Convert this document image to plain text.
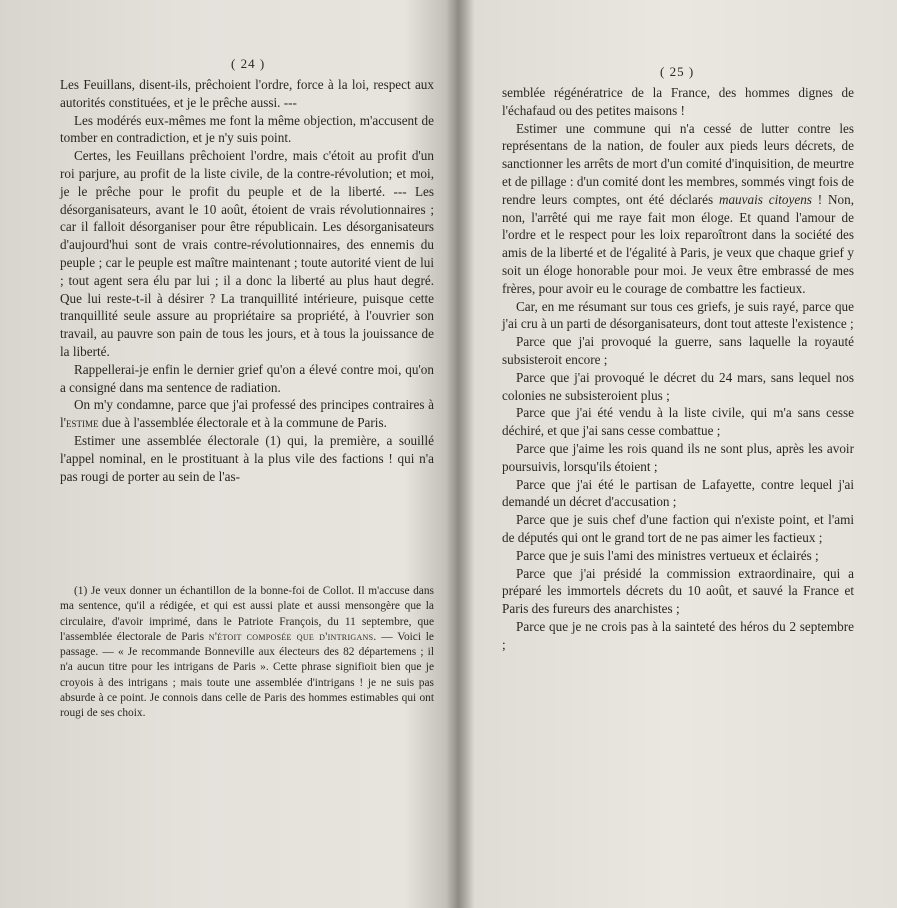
( 24 )

Les Feuillans, disent-ils, prêchoient l'ordre, force à la loi, respect aux autorités constituées, et je le prêche aussi. ---

Les modérés eux-mêmes me font la même objection, m'accusent de tomber en contradiction, et je n'y suis point.

Certes, les Feuillans prêchoient l'ordre, mais c'étoit au profit d'un roi parjure, au profit de la liste civile, de la contre-révolution; et moi, je le prêche pour le profit du peuple et de la liberté. --- Les désorganisateurs, avant le 10 août, étoient de vrais révolutionnaires ; car il falloit désorganiser pour être républicain. Les désorganisateurs d'aujourd'hui sont de vrais contre-révolutionnaires, des ennemis du peuple ; car le peuple est maître maintenant ; toute autorité vient de lui ; tout agent sera élu par lui ; il a donc la liberté au plus haut degré. Que lui reste-t-il à désirer ? La tranquillité intérieure, puisque cette tranquillité seule assure au propriétaire sa propriété, à l'ouvrier son travail, au pauvre son pain de tous les jours, et à tous la jouissance de la liberté.

Rappellerai-je enfin le dernier grief qu'on a élevé contre moi, qu'on a consigné dans ma sentence de radiation.

On m'y condamne, parce que j'ai professé des principes contraires à l'estime due à l'assemblée électorale et à la commune de Paris.

Estimer une assemblée électorale (1) qui, la première, a souillé l'appel nominal, en le prostituant à la plus vile des factions ! qui n'a pas rougi de porter au sein de l'as-

(1) Je veux donner un échantillon de la bonne-foi de Collot. Il m'accuse dans ma sentence, qu'il a rédigée, et qui est aussi plate et aussi mensongère que la circulaire, d'avoir imprimé, dans le Patriote François, du 11 septembre, que l'assemblée électorale de Paris n'étoit composée que d'intrigans. — Voici le passage. — « Je recommande Bonneville aux électeurs des 82 départemens ; il n'a aucun titre pour les intrigans de Paris ». Cette phrase signifioit bien que je croyois à des intrigans ; mais toute une assemblée d'intrigans ! je ne suis pas absurde à ce point. Je connois dans celle de Paris des hommes estimables qui ont rougi de ses choix.

( 25 )

semblée régénératrice de la France, des hommes dignes de l'échafaud ou des petites maisons !

Estimer une commune qui n'a cessé de lutter contre les représentans de la nation, de fouler aux pieds leurs décrets, de sanctionner les arrêts de mort d'un comité d'inquisition, de meurtre et de pillage : d'un comité dont les membres, sommés vingt fois de rendre leurs comptes, ont été déclarés mauvais citoyens ! Non, non, l'arrêté qui me raye fait mon éloge. Et quand l'amour de l'ordre et le respect pour les loix reparoîtront dans la société des amis de la liberté et de l'égalité à Paris, je veux que chaque grief y soit un éloge honorable pour moi. Je veux être embrassé de mes frères, pour avoir eu le courage de combattre les factieux.

Car, en me résumant sur tous ces griefs, je suis rayé, parce que j'ai cru à un parti de désorganisateurs, dont tout atteste l'existence ;

Parce que j'ai provoqué la guerre, sans laquelle la royauté subsisteroit encore ;

Parce que j'ai provoqué le décret du 24 mars, sans lequel nos colonies ne subsisteroient plus ;

Parce que j'ai été vendu à la liste civile, qui m'a sans cesse déchiré, et que j'ai sans cesse combattue ;

Parce que j'aime les rois quand ils ne sont plus, après les avoir poursuivis, lorsqu'ils étoient ;

Parce que j'ai été le partisan de Lafayette, contre lequel j'ai demandé un décret d'accusation ;

Parce que je suis chef d'une faction qui n'existe point, et l'ami de députés qui ont le grand tort de ne pas aimer les factieux ;

Parce que je suis l'ami des ministres vertueux et éclairés ;

Parce que j'ai présidé la commission extraordinaire, qui a préparé les immortels décrets du 10 août, et sauvé la France et Paris des fureurs des anarchistes ;

Parce que je ne crois pas à la sainteté des héros du 2 septembre ;
